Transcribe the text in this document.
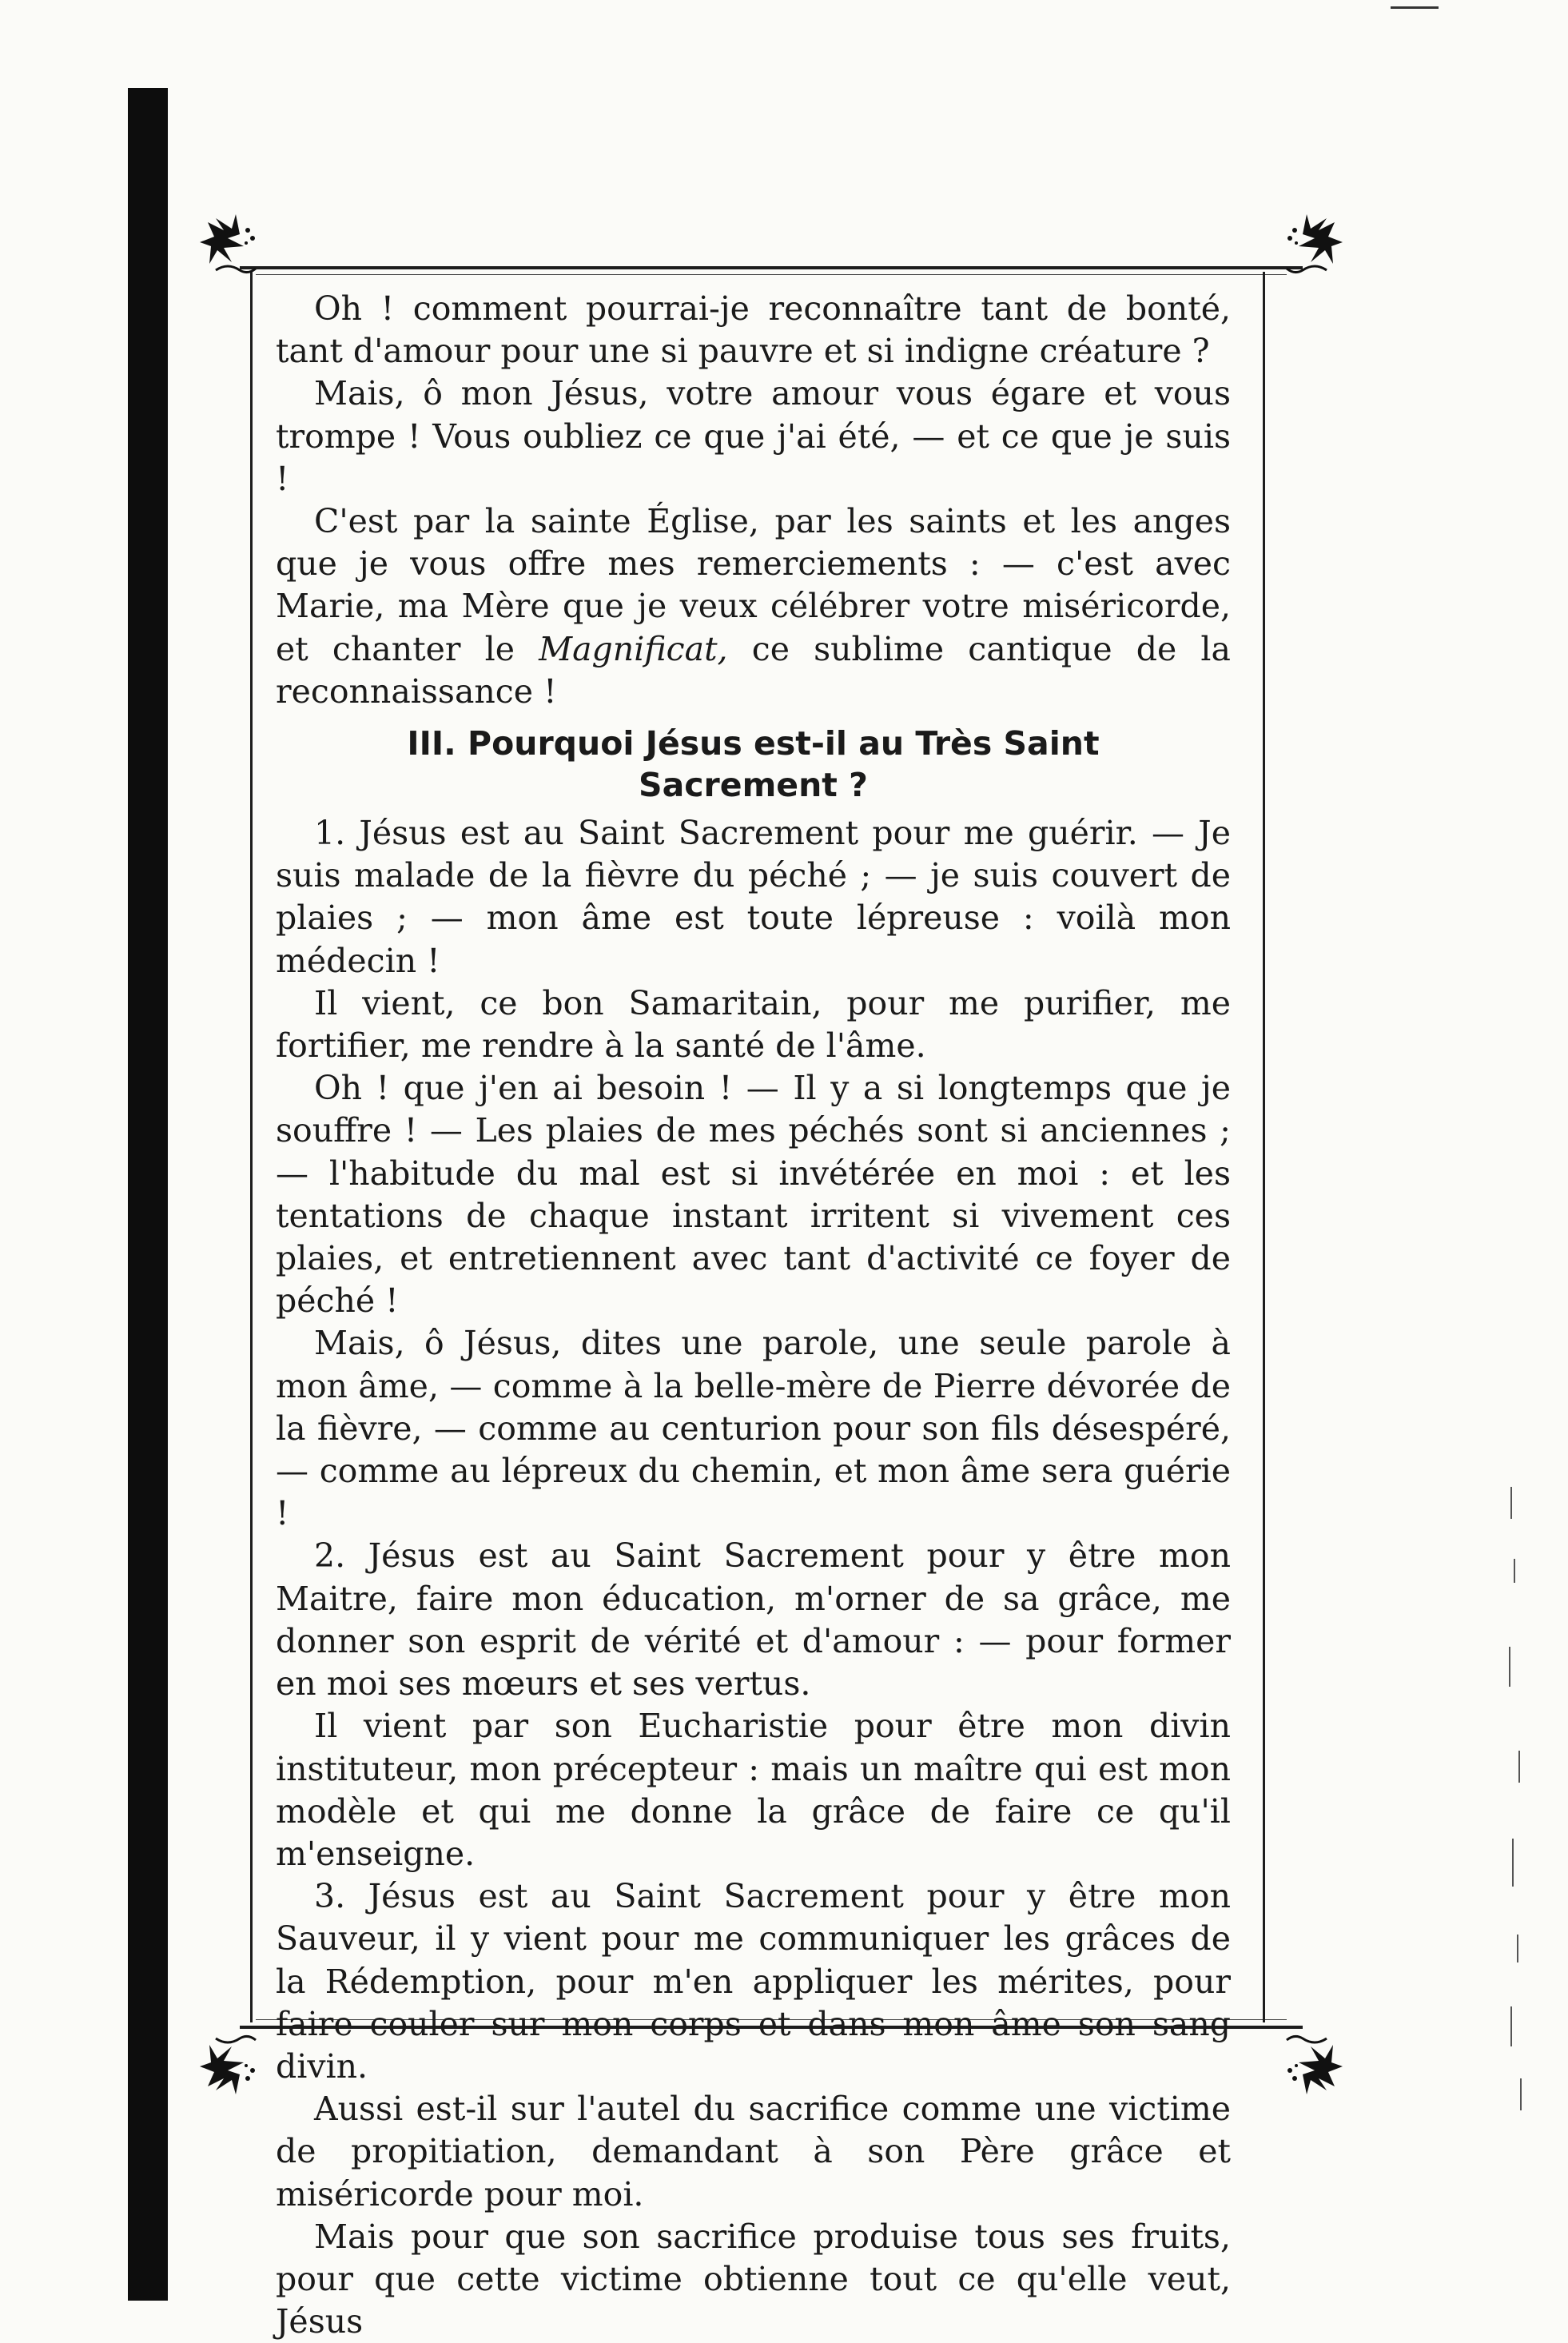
Oh ! comment pourrai-je reconnaître tant de bonté, tant d'amour pour une si pauvre et si indigne créature ?

Mais, ô mon Jésus, votre amour vous égare et vous trompe ! Vous oubliez ce que j'ai été, — et ce que je suis !

C'est par la sainte Église, par les saints et les anges que je vous offre mes remerciements : — c'est avec Marie, ma Mère que je veux célébrer votre miséricorde, et chanter le Magnificat, ce sublime cantique de la reconnaissance !

III. Pourquoi Jésus est-il au Très Saint
Sacrement ?

1. Jésus est au Saint Sacrement pour me guérir. — Je suis malade de la fièvre du péché ; — je suis couvert de plaies ; — mon âme est toute lépreuse : voilà mon médecin !

Il vient, ce bon Samaritain, pour me purifier, me fortifier, me rendre à la santé de l'âme.

Oh ! que j'en ai besoin ! — Il y a si longtemps que je souffre ! — Les plaies de mes péchés sont si anciennes ; — l'habitude du mal est si invétérée en moi : et les tentations de chaque instant irritent si vivement ces plaies, et entretiennent avec tant d'activité ce foyer de péché !

Mais, ô Jésus, dites une parole, une seule parole à mon âme, — comme à la belle-mère de Pierre dévorée de la fièvre, — comme au centurion pour son fils désespéré, — comme au lépreux du chemin, et mon âme sera guérie !

2. Jésus est au Saint Sacrement pour y être mon Maitre, faire mon éducation, m'orner de sa grâce, me donner son esprit de vérité et d'amour : — pour former en moi ses mœurs et ses vertus.

Il vient par son Eucharistie pour être mon divin instituteur, mon précepteur : mais un maître qui est mon modèle et qui me donne la grâce de faire ce qu'il m'enseigne.

3. Jésus est au Saint Sacrement pour y être mon Sauveur, il y vient pour me communiquer les grâces de la Rédemption, pour m'en appliquer les mérites, pour faire couler sur mon corps et dans mon âme son sang divin.

Aussi est-il sur l'autel du sacrifice comme une victime de propitiation, demandant à son Père grâce et miséricorde pour moi.

Mais pour que son sacrifice produise tous ses fruits, pour que cette victime obtienne tout ce qu'elle veut, Jésus
